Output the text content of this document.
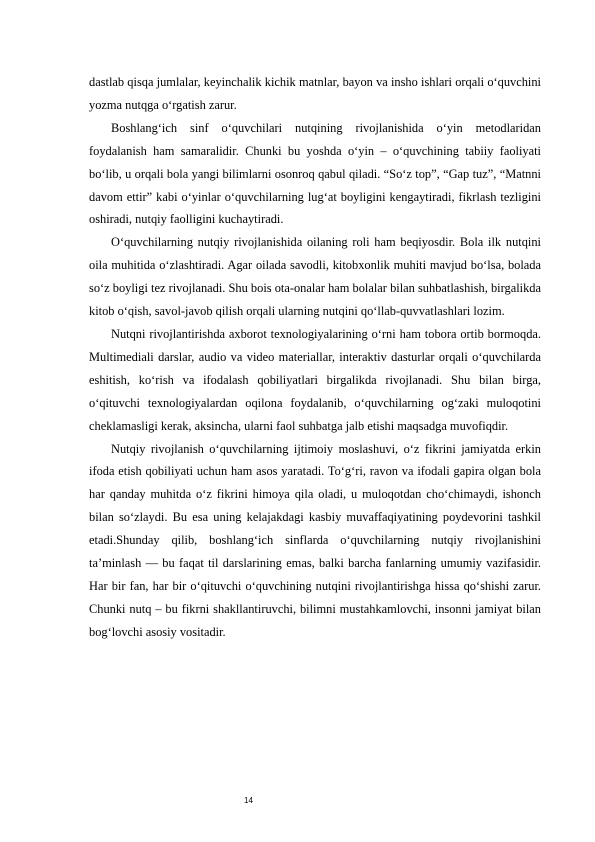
dastlab qisqa jumlalar, keyinchalik kichik matnlar, bayon va insho ishlari orqali o‘quvchini yozma nutqga o‘rgatish zarur.

Boshlang‘ich sinf o‘quvchilari nutqining rivojlanishida o‘yin metodlaridan foydalanish ham samaralidir. Chunki bu yoshda o‘yin – o‘quvchining tabiiy faoliyati bo‘lib, u orqali bola yangi bilimlarni osonroq qabul qiladi. “So‘z top”, “Gap tuz”, “Matnni davom ettir” kabi o‘yinlar o‘quvchilarning lug‘at boyligini kengaytiradi, fikrlash tezligini oshiradi, nutqiy faolligini kuchaytiradi.

O‘quvchilarning nutqiy rivojlanishida oilaning roli ham beqiyosdir. Bola ilk nutqini oila muhitida o‘zlashtiradi. Agar oilada savodli, kitobxonlik muhiti mavjud bo‘lsa, bolada so‘z boyligi tez rivojlanadi. Shu bois ota-onalar ham bolalar bilan suhbatlashish, birgalikda kitob o‘qish, savol-javob qilish orqali ularning nutqini qo‘llab-quvvatlashlari lozim.

Nutqni rivojlantirishda axborot texnologiyalarining o‘rni ham tobora ortib bormoqda. Multimediali darslar, audio va video materiallar, interaktiv dasturlar orqali o‘quvchilarda eshitish, ko‘rish va ifodalash qobiliyatlari birgalikda rivojlanadi. Shu bilan birga, o‘qituvchi texnologiyalardan oqilona foydalanib, o‘quvchilarning og‘zaki muloqotini cheklamasligi kerak, aksincha, ularni faol suhbatga jalb etishi maqsadga muvofiqdir.

Nutqiy rivojlanish o‘quvchilarning ijtimoiy moslashuvi, o‘z fikrini jamiyatda erkin ifoda etish qobiliyati uchun ham asos yaratadi. To‘g‘ri, ravon va ifodali gapira olgan bola har qanday muhitda o‘z fikrini himoya qila oladi, u muloqotdan cho‘chimaydi, ishonch bilan so‘zlaydi. Bu esa uning kelajakdagi kasbiy muvaffaqiyatining poydevorini tashkil etadi.Shunday qilib, boshlang‘ich sinflarda o‘quvchilarning nutqiy rivojlanishini ta’minlash — bu faqat til darslarining emas, balki barcha fanlarning umumiy vazifasidir. Har bir fan, har bir o‘qituvchi o‘quvchining nutqini rivojlantirishga hissa qo‘shishi zarur. Chunki nutq – bu fikrni shakllantiruvchi, bilimni mustahkamlovchi, insonni jamiyat bilan bog‘lovchi asosiy vositadir.

14
